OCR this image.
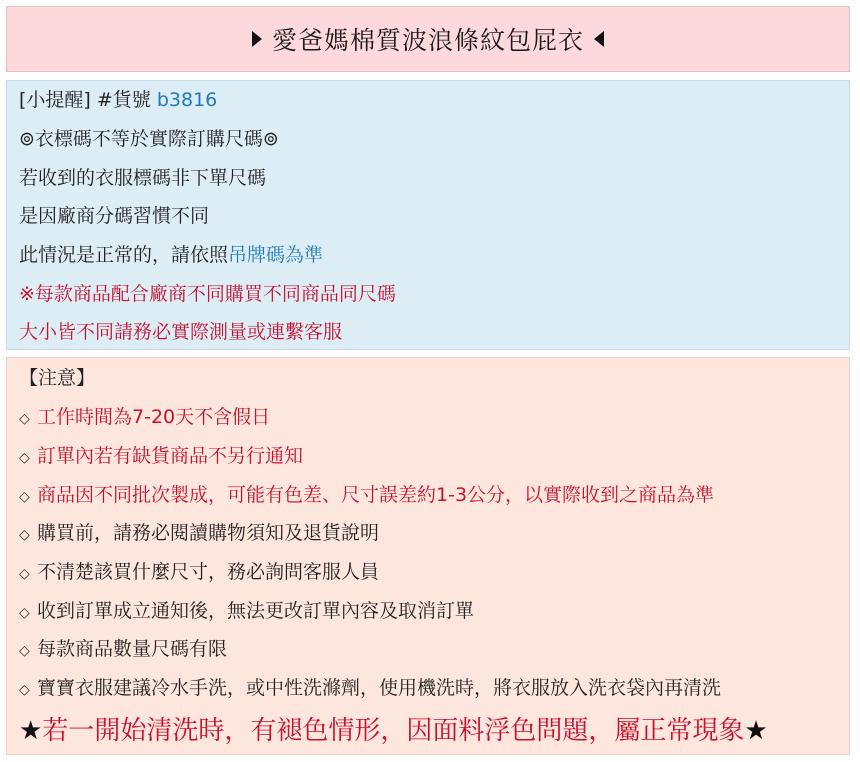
愛爸媽棉質波浪條紋包屁衣
[小提醒] #貨號 b3816
⊚衣標碼不等於實際訂購尺碼⊚
若收到的衣服標碼非下單尺碼
是因廠商分碼習慣不同
此情況是正常的，請依照吊牌碼為準
※每款商品配合廠商不同購買不同商品同尺碼
大小皆不同請務必實際測量或連繫客服
【注意】
◇ 工作時間為7-20天不含假日
◇ 訂單內若有缺貨商品不另行通知
◇ 商品因不同批次製成，可能有色差、尺寸誤差約1-3公分，以實際收到之商品為準
◇ 購買前，請務必閱讀購物須知及退貨說明
◇ 不清楚該買什麼尺寸，務必詢問客服人員
◇ 收到訂單成立通知後，無法更改訂單內容及取消訂單
◇ 每款商品數量尺碼有限
◇ 寶寶衣服建議冷水手洗，或中性洗滌劑，使用機洗時，將衣服放入洗衣袋內再清洗
★若一開始清洗時，有褪色情形，因面料浮色問題，屬正常現象★
